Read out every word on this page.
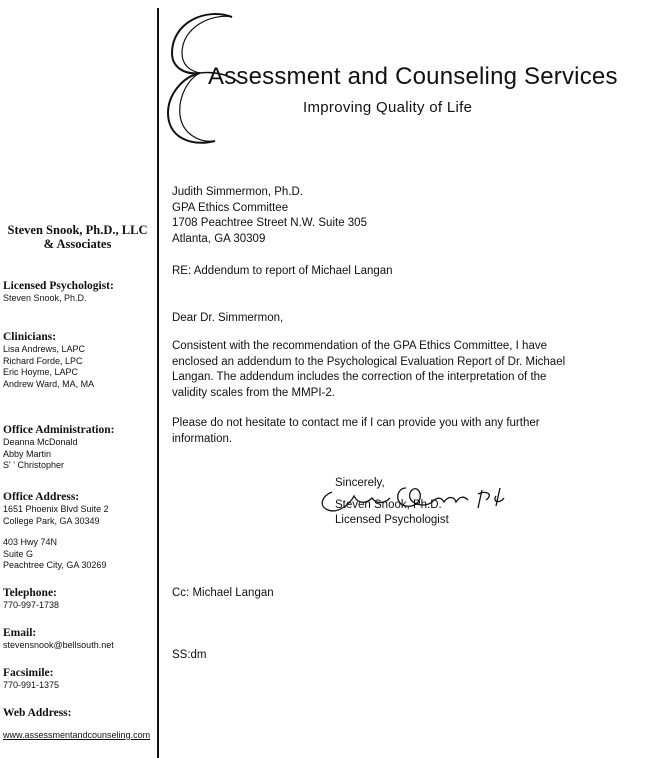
Assessment and Counseling Services
Improving Quality of Life
Steven Snook, Ph.D., LLC
& Associates
Licensed Psychologist:
Steven Snook, Ph.D.
Clinicians:
Lisa Andrews, LAPC
Richard Forde, LPC
Eric Hoyme, LAPC
Andrew Ward, MA, MA
Office Administration:
Deanna McDonald
Abby Martin
S' ' Christopher
Office Address:
1651 Phoenix Blvd Suite 2
College Park, GA 30349
403 Hwy 74N
Suite G
Peachtree City, GA 30269
Telephone:
770-997-1738
Email:
stevensnook@bellsouth.net
Facsimile:
770-991-1375
Web Address:
www.assessmentandcounseling.com
Judith Simmermon, Ph.D.
GPA Ethics Committee
1708 Peachtree Street N.W. Suite 305
Atlanta, GA 30309
RE: Addendum to report of Michael Langan
Dear Dr. Simmermon,
Consistent with the recommendation of the GPA Ethics Committee, I have enclosed an addendum to the Psychological Evaluation Report of Dr. Michael Langan. The addendum includes the correction of the interpretation of the validity scales from the MMPI-2.
Please do not hesitate to contact me if I can provide you with any further information.
Sincerely,
Steven Snook, Ph.D.
Licensed Psychologist
Cc: Michael Langan
SS:dm
